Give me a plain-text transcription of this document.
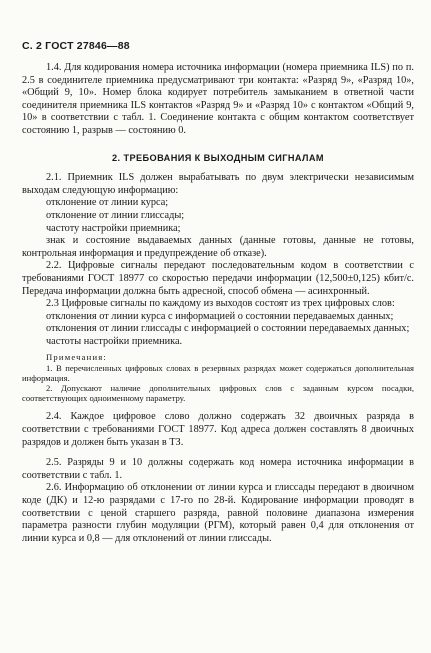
С. 2 ГОСТ 27846—88

1.4. Для кодирования номера источника информации (номера приемника ILS) по п. 2.5 в соединителе приемника предусматривают три контакта: «Разряд 9», «Разряд 10», «Общий 9, 10». Номер блока кодирует потребитель замыканием в ответной части соединителя приемника ILS контактов «Разряд 9» и «Разряд 10» с контактом «Общий 9, 10» в соответствии с табл. 1. Соединение контакта с общим контактом соответствует состоянию 1, разрыв — состоянию 0.

2. ТРЕБОВАНИЯ К ВЫХОДНЫМ СИГНАЛАМ

2.1. Приемник ILS должен вырабатывать по двум электрически независимым выходам следующую информацию:

отклонение от линии курса;

отклонение от линии глиссады;

частоту настройки приемника;

знак и состояние выдаваемых данных (данные готовы, данные не готовы, контрольная информация и предупреждение об отказе).

2.2. Цифровые сигналы передают последовательным кодом в соответствии с требованиями ГОСТ 18977 со скоростью передачи информации (12,500±0,125) кбит/с. Передача информации должна быть адресной, способ обмена — асинхронный.

2.3 Цифровые сигналы по каждому из выходов состоят из трех цифровых слов:

отклонения от линии курса с информацией о состоянии передаваемых данных;

отклонения от линии глиссады с информацией о состоянии передаваемых данных;

частоты настройки приемника.

Примечания:

1. В перечисленных цифровых словах в резервных разрядах может содержаться дополнительная информация.

2. Допускают наличие дополнительных цифровых слов с заданным курсом посадки, соответствующих одноименному параметру.

2.4. Каждое цифровое слово должно содержать 32 двоичных разряда в соответствии с требованиями ГОСТ 18977. Код адреса должен составлять 8 двоичных разрядов и должен быть указан в ТЗ.

2.5. Разряды 9 и 10 должны содержать код номера источника информации в соответствии с табл. 1.

2.6. Информацию об отклонении от линии курса и глиссады передают в двоичном коде (ДК) и 12-ю разрядами с 17-го по 28-й. Кодирование информации проводят в соответствии с ценой старшего разряда, равной половине диапазона измерения параметра разности глубин модуляции (РГМ), который равен 0,4 для отклонения от линии курса и 0,8 — для отклонений от линии глиссады.
